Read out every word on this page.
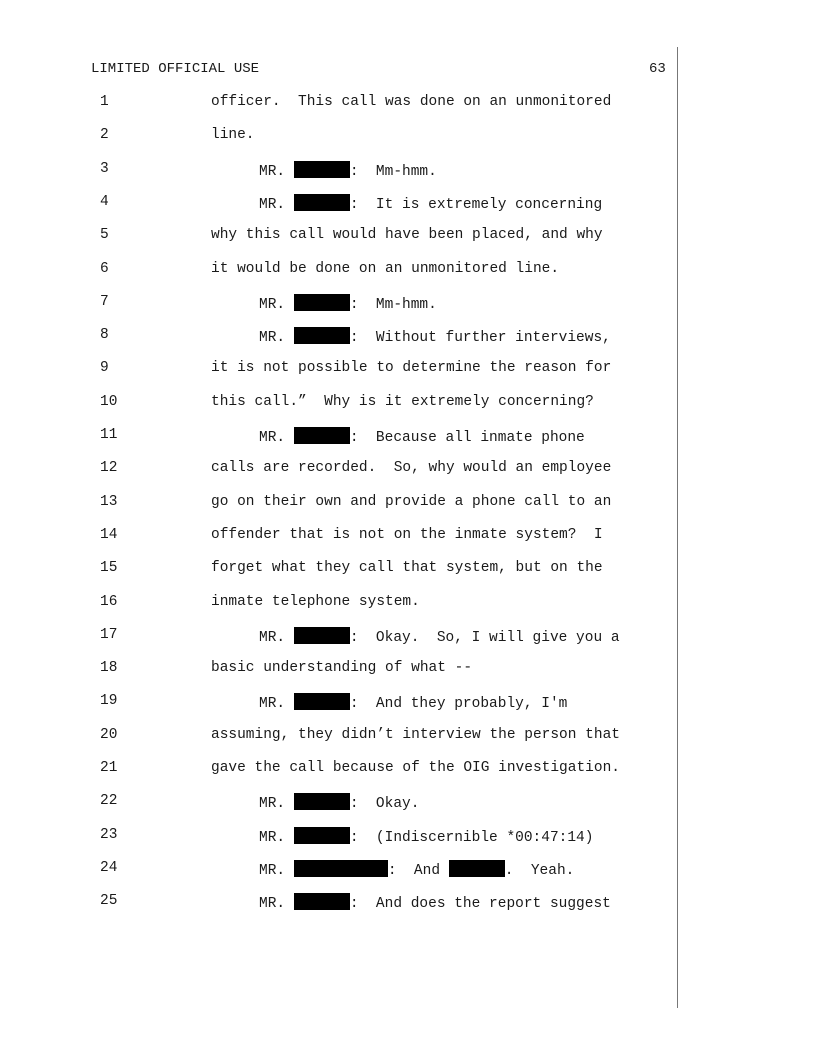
LIMITED OFFICIAL USE	63
1	officer.  This call was done on an unmonitored
2	line.
3	MR.	:  Mm-hmm.
4	MR.	:  It is extremely concerning
5	why this call would have been placed, and why
6	it would be done on an unmonitored line.
7	MR.	:  Mm-hmm.
8	MR.	:  Without further interviews,
9	it is not possible to determine the reason for
10	this call.”  Why is it extremely concerning?
11	MR.	:  Because all inmate phone
12	calls are recorded.  So, why would an employee
13	go on their own and provide a phone call to an
14	offender that is not on the inmate system?  I
15	forget what they call that system, but on the
16	inmate telephone system.
17	MR.	:  Okay.  So, I will give you a
18	basic understanding of what --
19	MR.	:  And they probably, I'm
20	assuming, they didn’t interview the person that
21	gave the call because of the OIG investigation.
22	MR.	:  Okay.
23	MR.	:  (Indiscernible *00:47:14)
24	MR.	:  And	.  Yeah.
25	MR.	:  And does the report suggest
